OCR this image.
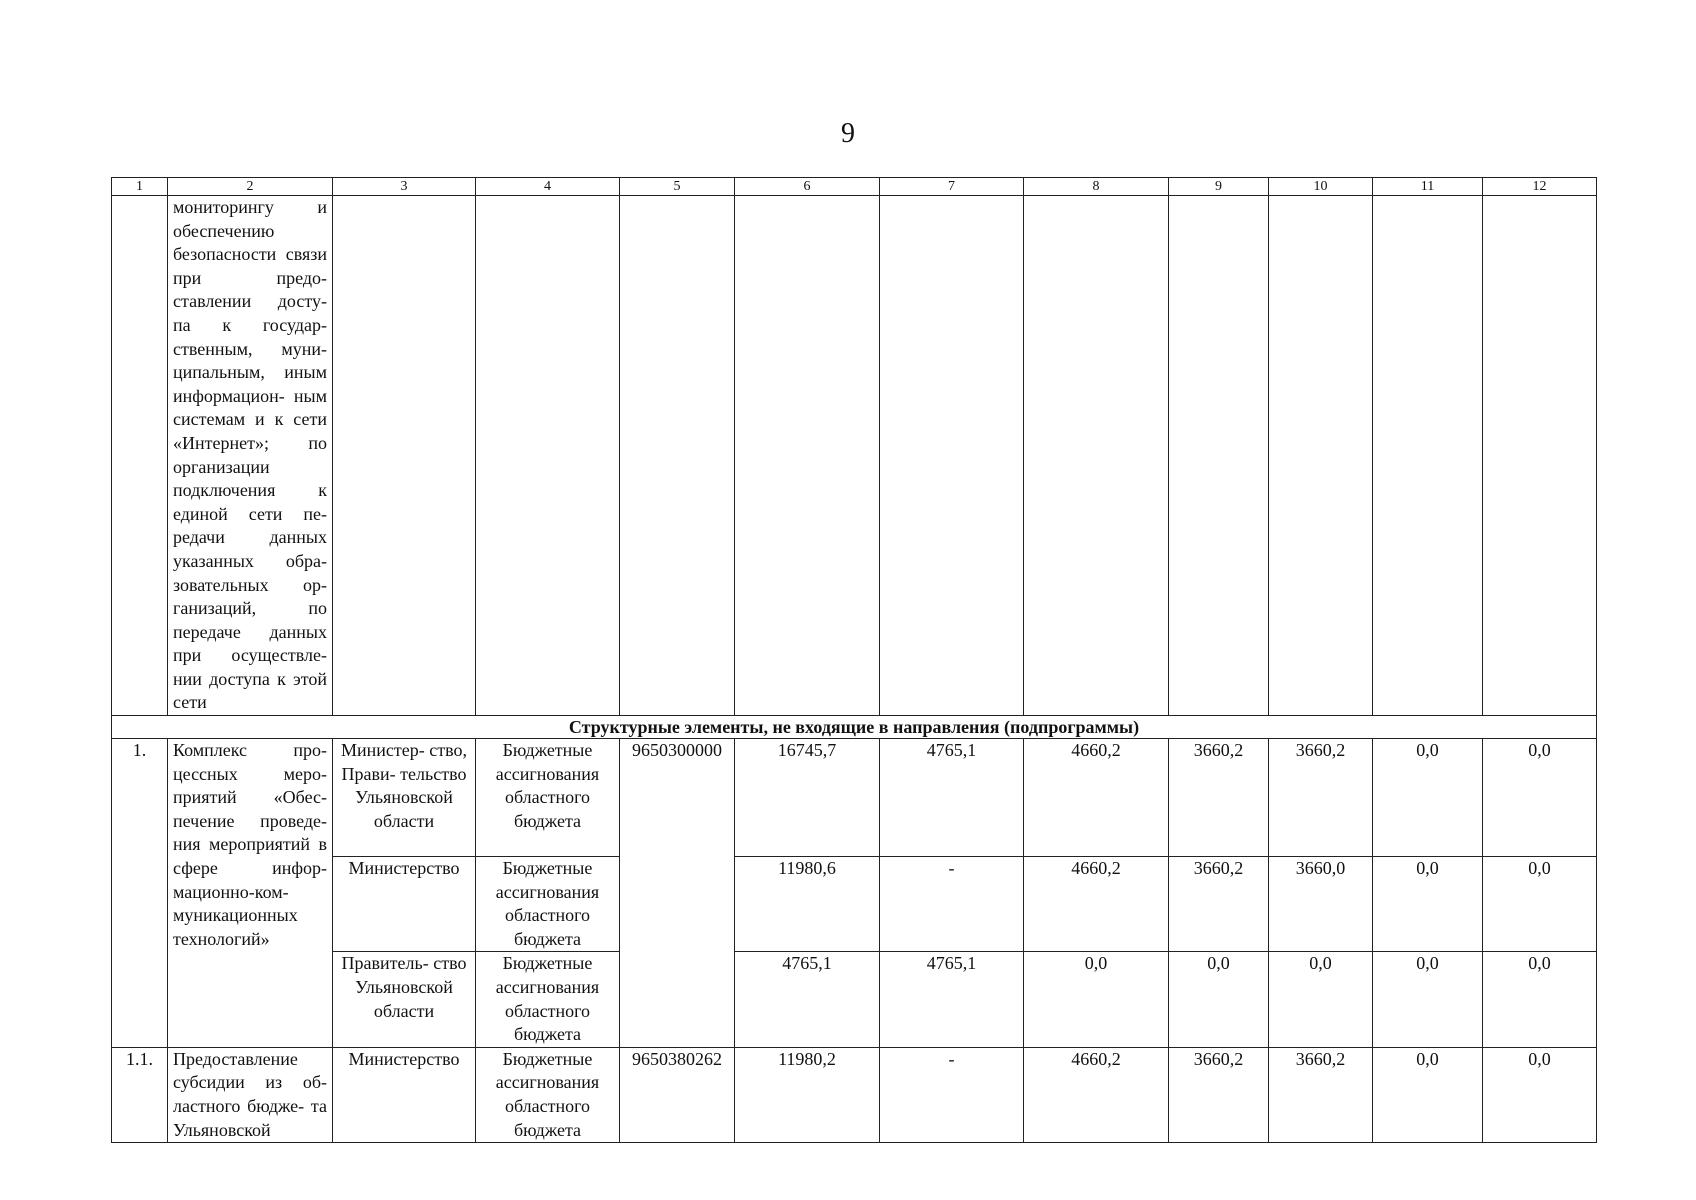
9
1	2	3	4	5	6	7	8	9	10	11	12
	мониторингу и обеспечению безопасности связи при предо- ставлении досту- па к государ- ственным, муни- ципальным, иным информацион- ным системам и к сети «Интернет»; по организации подключения к единой сети пе- редачи данных указанных обра- зовательных ор- ганизаций, по передаче данных при осуществле- нии доступа к этой сети										
Структурные элементы, не входящие в направления (подпрограммы)											
1.	Комплекс про- цессных меро- приятий «Обес- печение проведе- ния мероприятий в сфере инфор- мационно-ком- муникационных технологий»	Министер- ство, Прави- тельство Ульяновской области	Бюджетные ассигнования областного бюджета	9650300000	16745,7	4765,1	4660,2	3660,2	3660,2	0,0	0,0
		Министерство	Бюджетные ассигнования областного бюджета		11980,6	-	4660,2	3660,2	3660,0	0,0	0,0
		Правитель- ство Ульяновской области	Бюджетные ассигнования областного бюджета		4765,1	4765,1	0,0	0,0	0,0	0,0	0,0
1.1.	Предоставление субсидии из об- ластного бюдже- та Ульяновской	Министерство	Бюджетные ассигнования областного бюджета	9650380262	11980,2	-	4660,2	3660,2	3660,2	0,0	0,0
